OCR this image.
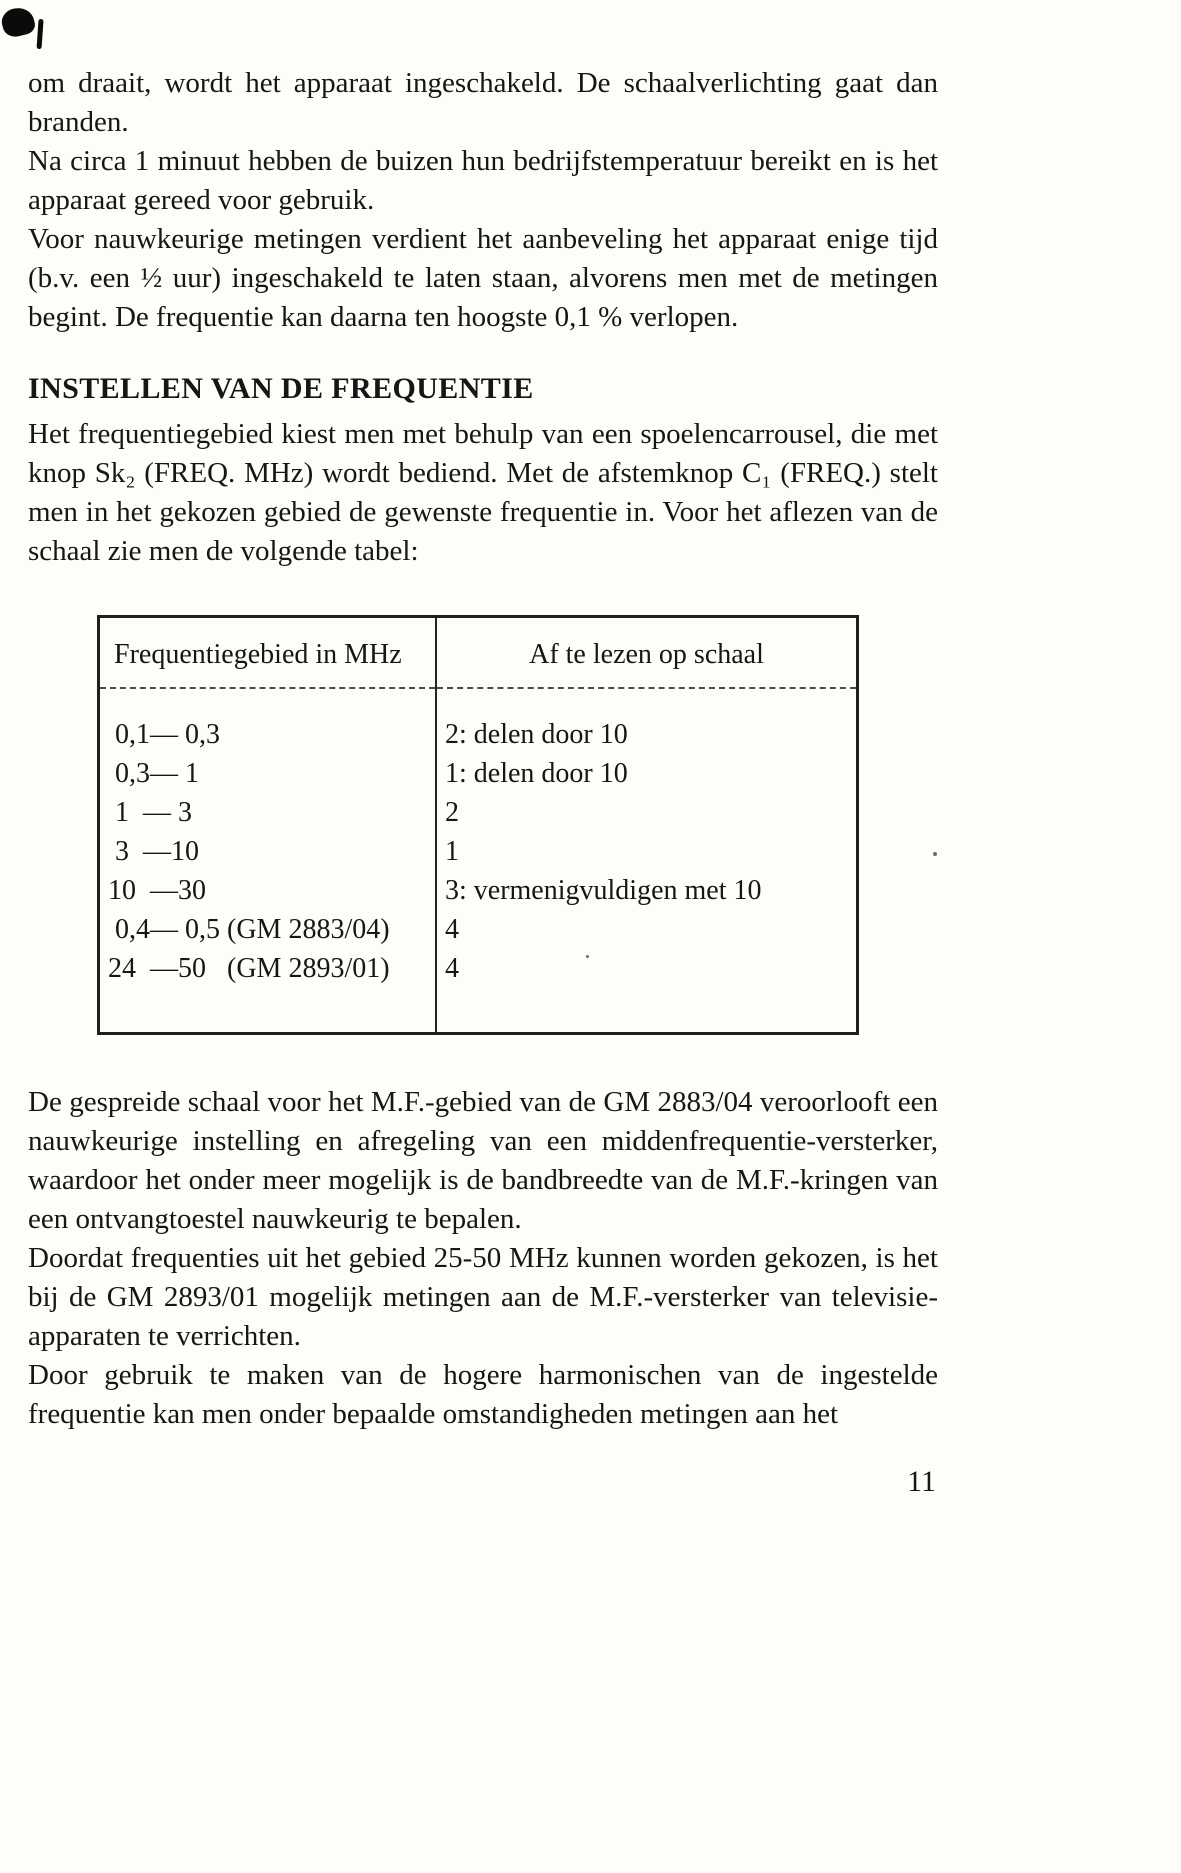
om draait, wordt het apparaat ingeschakeld. De schaalverlichting gaat dan branden.

Na circa 1 minuut hebben de buizen hun bedrijfstemperatuur bereikt en is het apparaat gereed voor gebruik.

Voor nauwkeurige metingen verdient het aanbeveling het apparaat enige tijd (b.v. een ½ uur) ingeschakeld te laten staan, alvorens men met de metingen begint. De frequentie kan daarna ten hoogste 0,1 % verlopen.

INSTELLEN VAN DE FREQUENTIE

Het frequentiegebied kiest men met behulp van een spoelencarrousel, die met knop Sk₂ (FREQ. MHz) wordt bediend. Met de afstemknop C₁ (FREQ.) stelt men in het gekozen gebied de gewenste frequentie in. Voor het aflezen van de schaal zie men de volgende tabel:

Frequentiegebied in MHz	Af te lezen op schaal
0,1— 0,3	2: delen door 10
0,3— 1	1: delen door 10
1  — 3	2
3  —10	1
10  —30	3: vermenigvuldigen met 10
0,4— 0,5 (GM 2883/04)	4
24  —50   (GM 2893/01)	4

De gespreide schaal voor het M.F.-gebied van de GM 2883/04 veroorlooft een nauwkeurige instelling en afregeling van een middenfrequentie-versterker, waardoor het onder meer mogelijk is de bandbreedte van de M.F.-kringen van een ontvangtoestel nauwkeurig te bepalen.

Doordat frequenties uit het gebied 25-50 MHz kunnen worden gekozen, is het bij de GM 2893/01 mogelijk metingen aan de M.F.-versterker van televisie-apparaten te verrichten.

Door gebruik te maken van de hogere harmonischen van de ingestelde frequentie kan men onder bepaalde omstandigheden metingen aan het

11
